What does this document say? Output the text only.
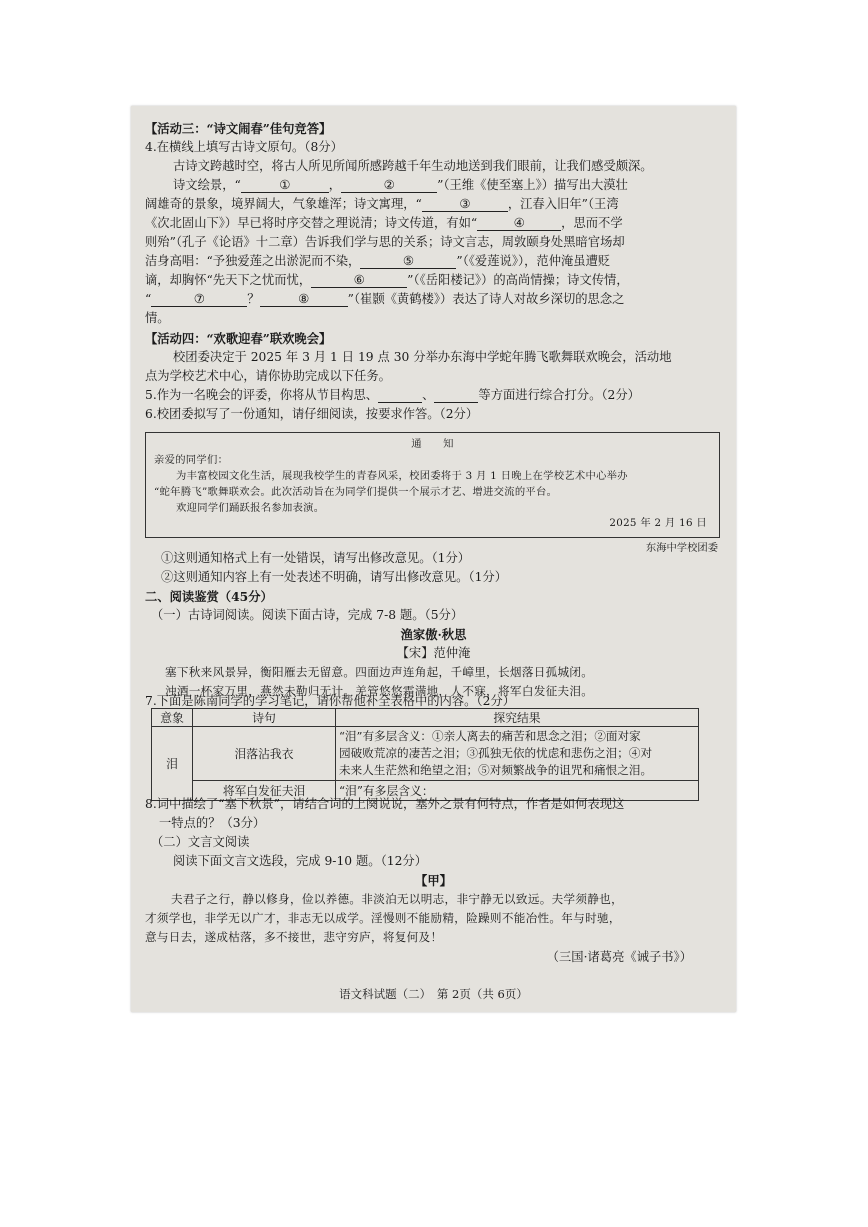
【活动三：“诗文闹春”佳句竞答】
4.在横线上填写古诗文原句。（8分）
古诗文跨越时空，将古人所见所闻所感跨越千年生动地送到我们眼前，让我们感受颇深。
诗文绘景，“	①	，	②	”（王维《使至塞上》）描写出大漠壮
阔雄奇的景象，境界阔大，气象雄浑；诗文寓理，“	③	，江春入旧年”（王湾
《次北固山下》）早已将时序交替之理说清；诗文传道，有如“	④	，思而不学
则殆”（孔子《论语》十二章）告诉我们学与思的关系；诗文言志，周敦颐身处黑暗官场却
洁身高唱：“予独爱莲之出淤泥而不染，	⑤	”（《爱莲说》），范仲淹虽遭贬
谪，却胸怀“先天下之忧而忧，	⑥	”（《岳阳楼记》）的高尚情操；诗文传情，
“	⑦	？	⑧	”（崔颢《黄鹤楼》）表达了诗人对故乡深切的思念之
情。
【活动四：“欢歌迎春”联欢晚会】
校团委决定于 2025 年 3 月 1 日 19 点 30 分举办东海中学蛇年腾飞歌舞联欢晚会，活动地
点为学校艺术中心，请你协助完成以下任务。
5.作为一名晚会的评委，你将从节目构思、	、	等方面进行综合打分。（2分）
6.校团委拟写了一份通知，请仔细阅读，按要求作答。（2分）
通　　知
亲爱的同学们：
为丰富校园文化生活，展现我校学生的青春风采，校团委将于 3 月 1 日晚上在学校艺术中心举办
“蛇年腾飞”歌舞联欢会。此次活动旨在为同学们提供一个展示才艺、增进交流的平台。
欢迎同学们踊跃报名参加表演。
2025 年 2 月 16 日
东海中学校团委
①这则通知格式上有一处错误，请写出修改意见。（1分）
②这则通知内容上有一处表述不明确，请写出修改意见。（1分）
二、阅读鉴赏（45分）
（一）古诗词阅读。阅读下面古诗，完成 7-8 题。（5分）
渔家傲·秋思
【宋】范仲淹
塞下秋来风景异，衡阳雁去无留意。四面边声连角起，千嶂里，长烟落日孤城闭。
浊酒一杯家万里，燕然未勒归无计。羌管悠悠霜满地，人不寐，将军白发征夫泪。
7.下面是陈南同学的学习笔记，请你帮他补全表格中的内容。（2分）
意象	诗句	探究结果
泪	泪落沾我衣	“泪”有多层含义：①亲人离去的痛苦和思念之泪；②面对家
园破败荒凉的凄苦之泪；③孤独无依的忧虑和悲伤之泪；④对
未来人生茫然和绝望之泪；⑤对频繁战争的诅咒和痛恨之泪。

	将军白发征夫泪	“泪”有多层含义：
8.词中描绘了“塞下秋景”，请结合词的上阕说说，塞外之景有何特点，作者是如何表现这
一特点的？（3分）
（二）文言文阅读
阅读下面文言文选段，完成 9-10 题。（12分）
【甲】
夫君子之行，静以修身，俭以养德。非淡泊无以明志，非宁静无以致远。夫学须静也，
才须学也，非学无以广才，非志无以成学。淫慢则不能励精，险躁则不能冶性。年与时驰，
意与日去，遂成枯落，多不接世，悲守穷庐，将复何及！
（三国·诸葛亮《诫子书》）
语文科试题（二）　第 2页（共 6页）
